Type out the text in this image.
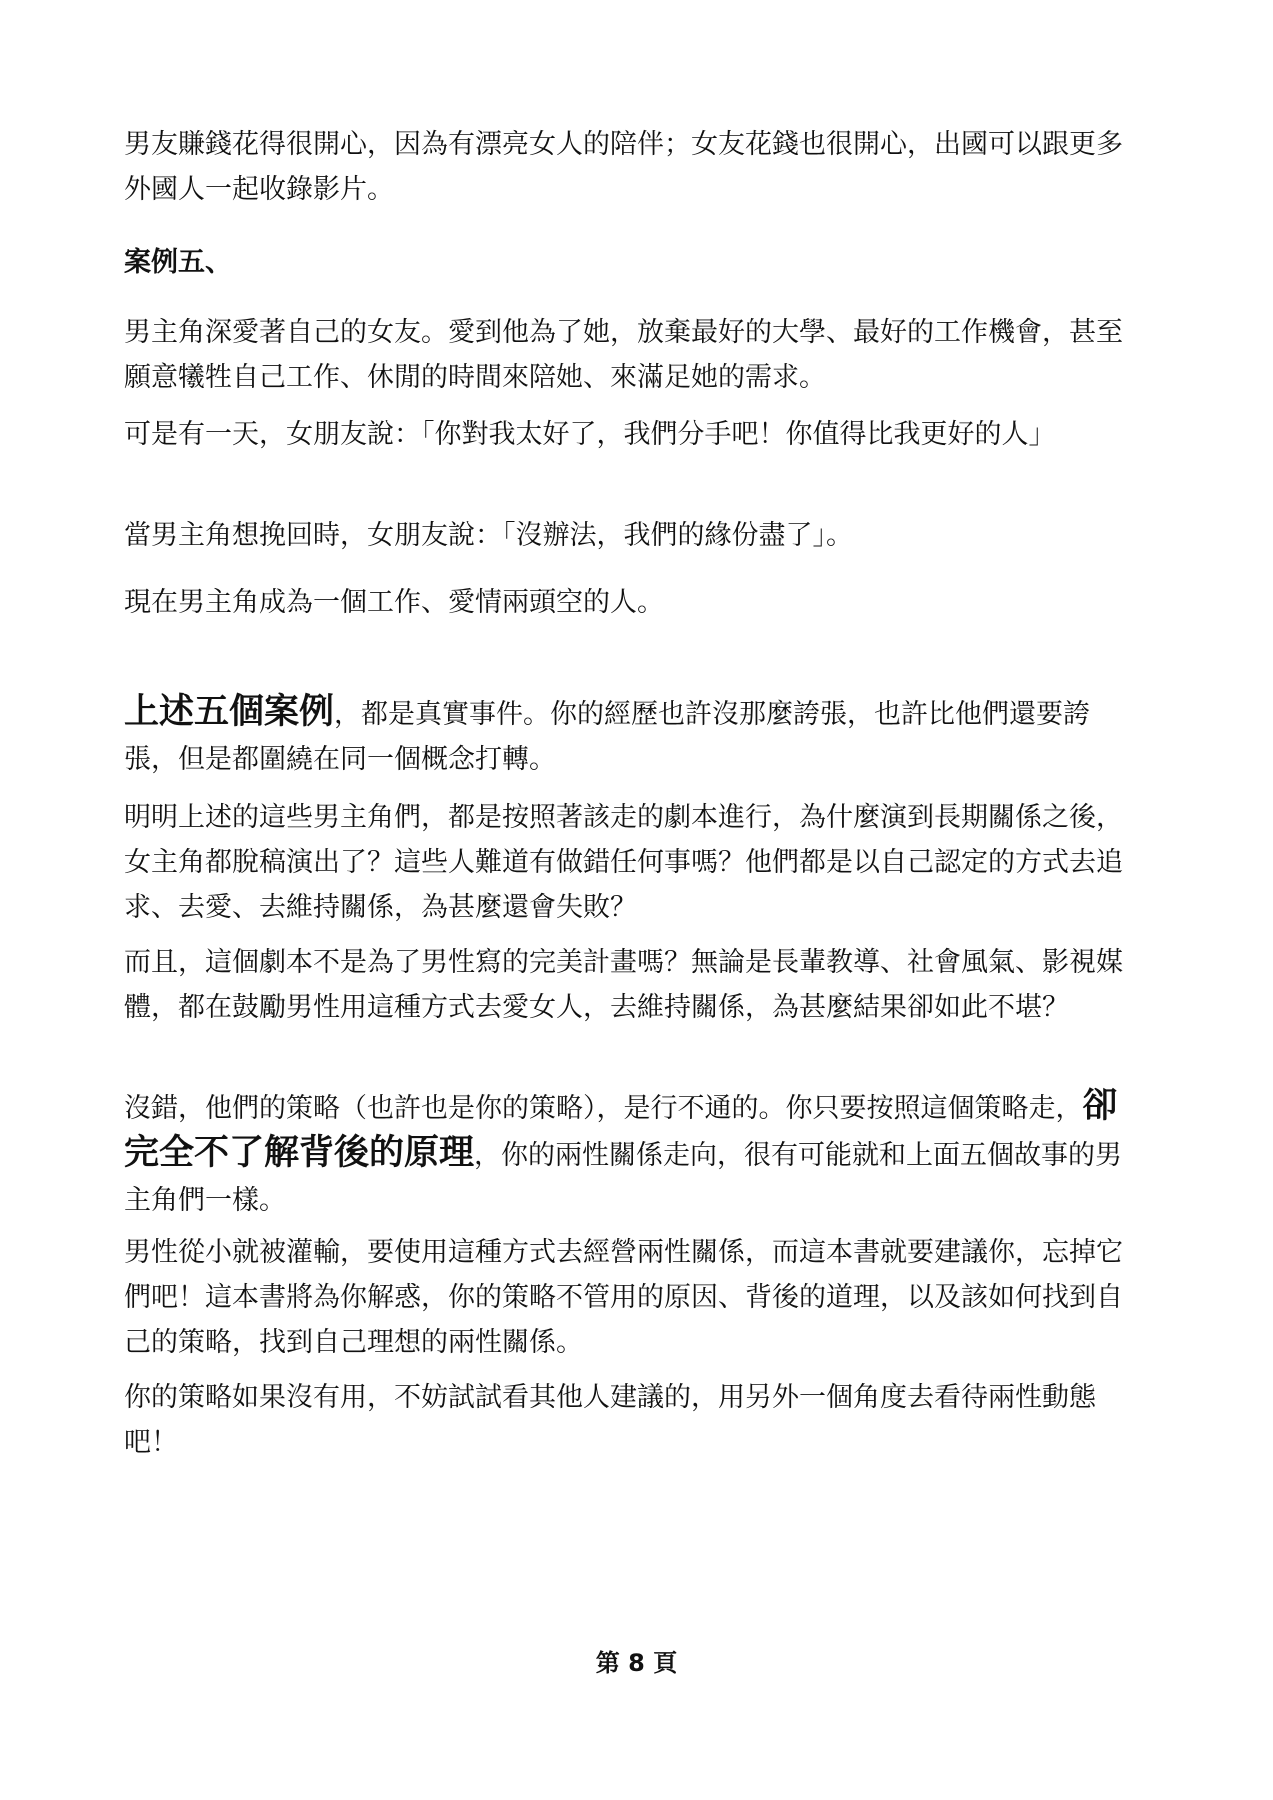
男友賺錢花得很開心，因為有漂亮女人的陪伴；女友花錢也很開心，出國可以跟更多外國人一起收錄影片。

案例五、

男主角深愛著自己的女友。愛到他為了她，放棄最好的大學、最好的工作機會，甚至願意犧牲自己工作、休閒的時間來陪她、來滿足她的需求。

可是有一天，女朋友說：「你對我太好了，我們分手吧！你值得比我更好的人」

當男主角想挽回時，女朋友說：「沒辦法，我們的緣份盡了」。

現在男主角成為一個工作、愛情兩頭空的人。

上述五個案例，都是真實事件。你的經歷也許沒那麼誇張，也許比他們還要誇張，但是都圍繞在同一個概念打轉。

明明上述的這些男主角們，都是按照著該走的劇本進行，為什麼演到長期關係之後，女主角都脫稿演出了？這些人難道有做錯任何事嗎？他們都是以自己認定的方式去追求、去愛、去維持關係，為甚麼還會失敗？

而且，這個劇本不是為了男性寫的完美計畫嗎？無論是長輩教導、社會風氣、影視媒體，都在鼓勵男性用這種方式去愛女人，去維持關係，為甚麼結果卻如此不堪？

沒錯，他們的策略（也許也是你的策略），是行不通的。你只要按照這個策略走，卻完全不了解背後的原理，你的兩性關係走向，很有可能就和上面五個故事的男主角們一樣。

男性從小就被灌輸，要使用這種方式去經營兩性關係，而這本書就要建議你，忘掉它們吧！這本書將為你解惑，你的策略不管用的原因、背後的道理，以及該如何找到自己的策略，找到自己理想的兩性關係。

你的策略如果沒有用，不妨試試看其他人建議的，用另外一個角度去看待兩性動態吧！

第 8 頁
